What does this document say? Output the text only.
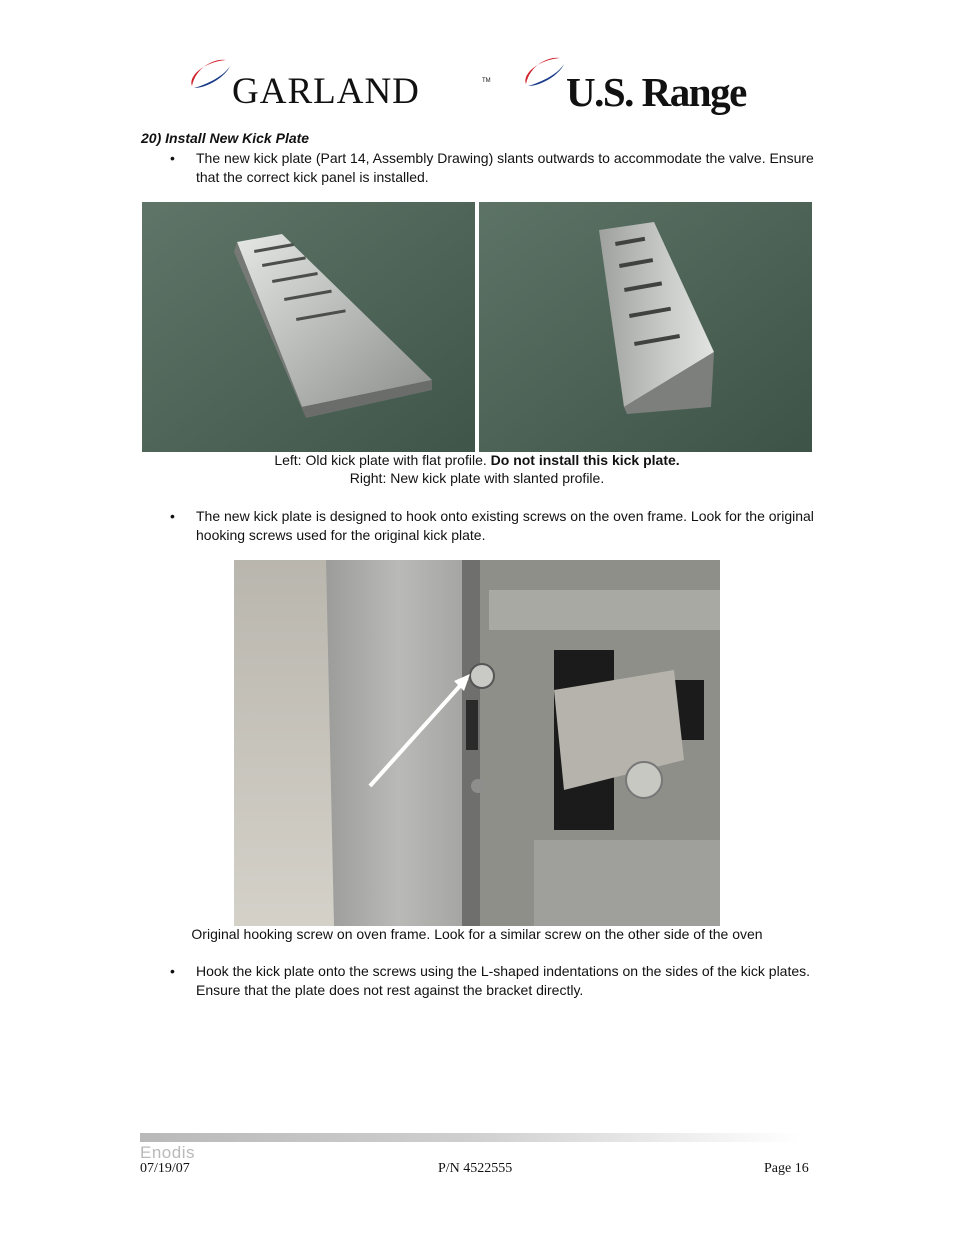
GARLAND	TM U.S. Range
20) Install New Kick Plate
• The new kick plate (Part 14, Assembly Drawing) slants outwards to accommodate the valve. Ensure that the correct kick panel is installed.
Left: Old kick plate with flat profile. Do not install this kick plate.
Right: New kick plate with slanted profile.
• The new kick plate is designed to hook onto existing screws on the oven frame. Look for the original hooking screws used for the original kick plate.
Original hooking screw on oven frame. Look for a similar screw on the other side of the oven
• Hook the kick plate onto the screws using the L-shaped indentations on the sides of the kick plates. Ensure that the plate does not rest against the bracket directly.
Enodis
07/19/07	P/N 4522555	Page 16
